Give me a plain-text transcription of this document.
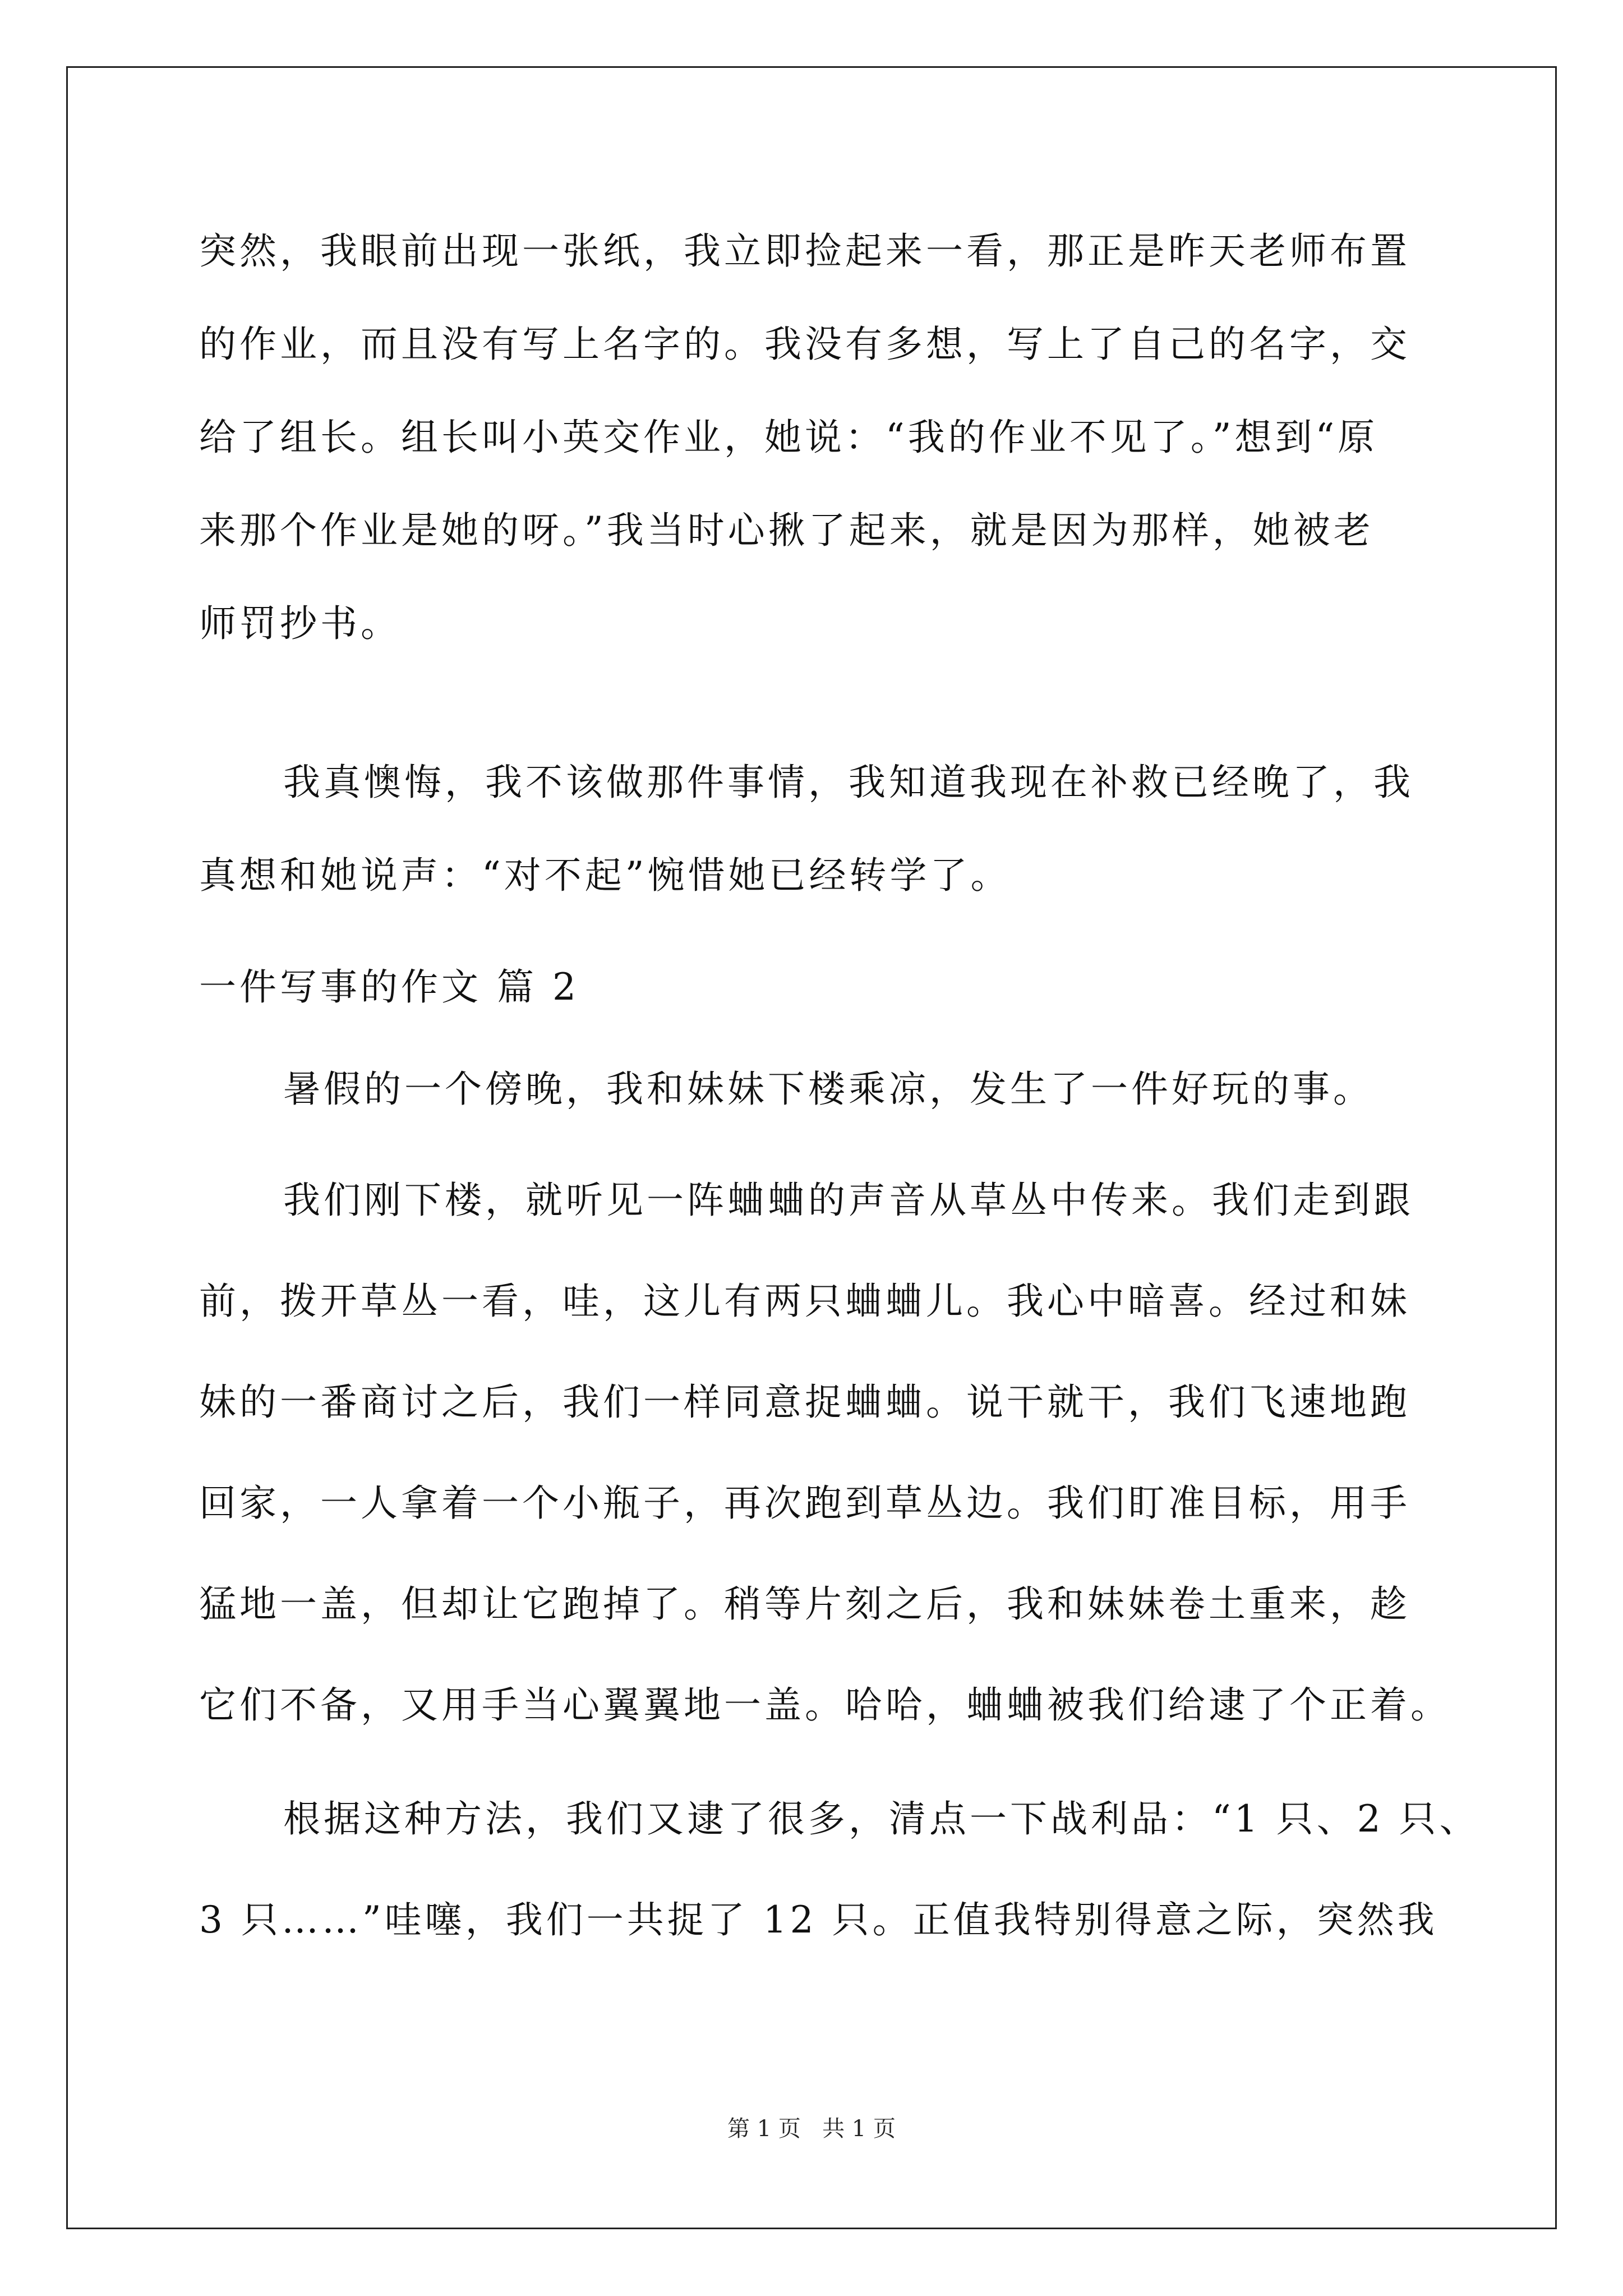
突然，我眼前出现一张纸，我立即捡起来一看，那正是昨天老师布置
的作业，而且没有写上名字的。我没有多想，写上了自己的名字，交
给了组长。组长叫小英交作业，她说：“我的作业不见了。”想到“原
来那个作业是她的呀。”我当时心揪了起来，就是因为那样，她被老
师罚抄书。
我真懊悔，我不该做那件事情，我知道我现在补救已经晚了，我
真想和她说声：“对不起”惋惜她已经转学了。
一件写事的作文 篇 2
暑假的一个傍晚，我和妹妹下楼乘凉，发生了一件好玩的事。
我们刚下楼，就听见一阵蛐蛐的声音从草丛中传来。我们走到跟
前，拨开草丛一看，哇，这儿有两只蛐蛐儿。我心中暗喜。经过和妹
妹的一番商讨之后，我们一样同意捉蛐蛐。说干就干，我们飞速地跑
回家，一人拿着一个小瓶子，再次跑到草丛边。我们盯准目标，用手
猛地一盖，但却让它跑掉了。稍等片刻之后，我和妹妹卷土重来，趁
它们不备，又用手当心翼翼地一盖。哈哈，蛐蛐被我们给逮了个正着。
根据这种方法，我们又逮了很多，清点一下战利品：“1 只、2 只、
3 只……”哇噻，我们一共捉了 12 只。正值我特别得意之际，突然我
第 1 页   共 1 页
